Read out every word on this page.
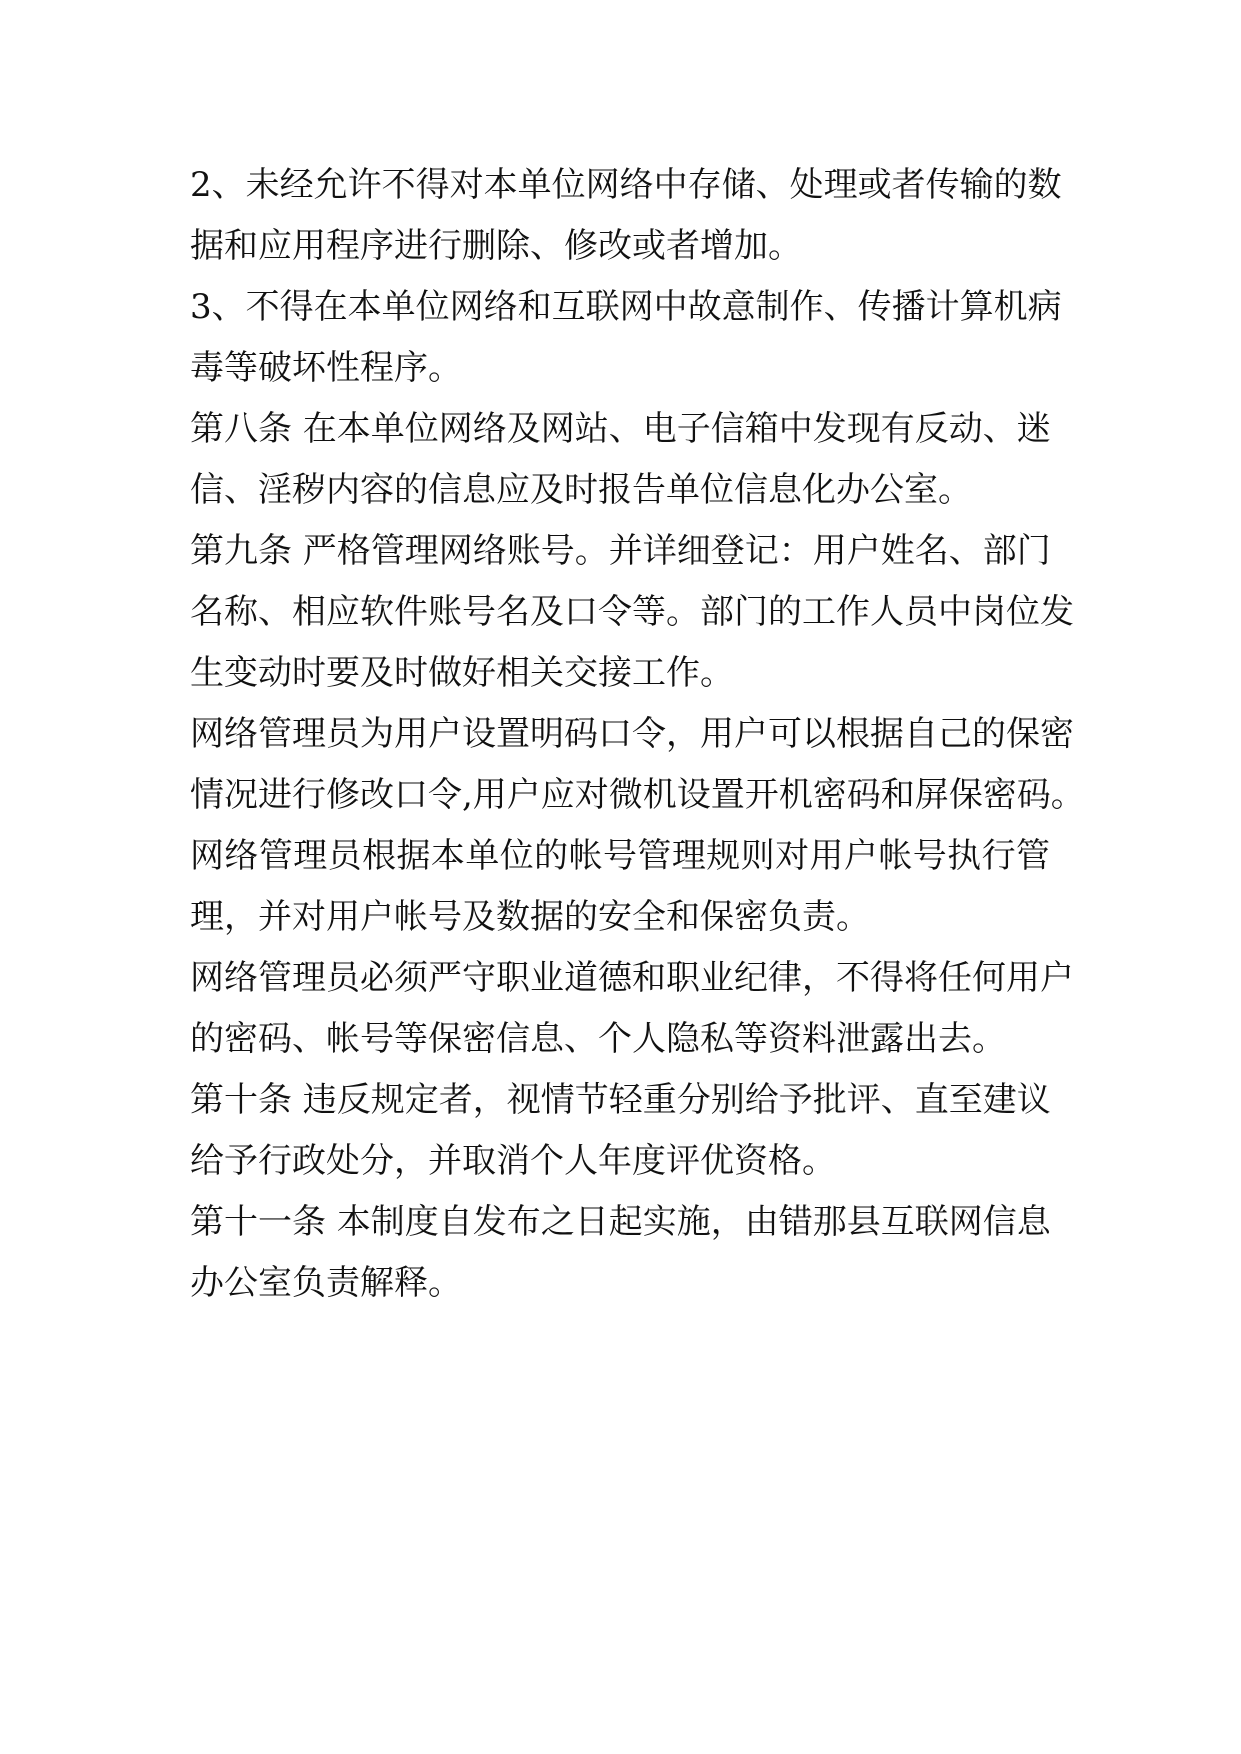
2、未经允许不得对本单位网络中存储、处理或者传输的数
据和应用程序进行删除、修改或者增加。
3、不得在本单位网络和互联网中故意制作、传播计算机病
毒等破坏性程序。
第八条 在本单位网络及网站、电子信箱中发现有反动、迷
信、淫秽内容的信息应及时报告单位信息化办公室。
第九条 严格管理网络账号。并详细登记：用户姓名、部门
名称、相应软件账号名及口令等。部门的工作人员中岗位发
生变动时要及时做好相关交接工作。
网络管理员为用户设置明码口令，用户可以根据自己的保密
情况进行修改口令,用户应对微机设置开机密码和屏保密码。
网络管理员根据本单位的帐号管理规则对用户帐号执行管
理，并对用户帐号及数据的安全和保密负责。
网络管理员必须严守职业道德和职业纪律，不得将任何用户
的密码、帐号等保密信息、个人隐私等资料泄露出去。
第十条 违反规定者，视情节轻重分别给予批评、直至建议
给予行政处分，并取消个人年度评优资格。
第十一条 本制度自发布之日起实施，由错那县互联网信息
办公室负责解释。
